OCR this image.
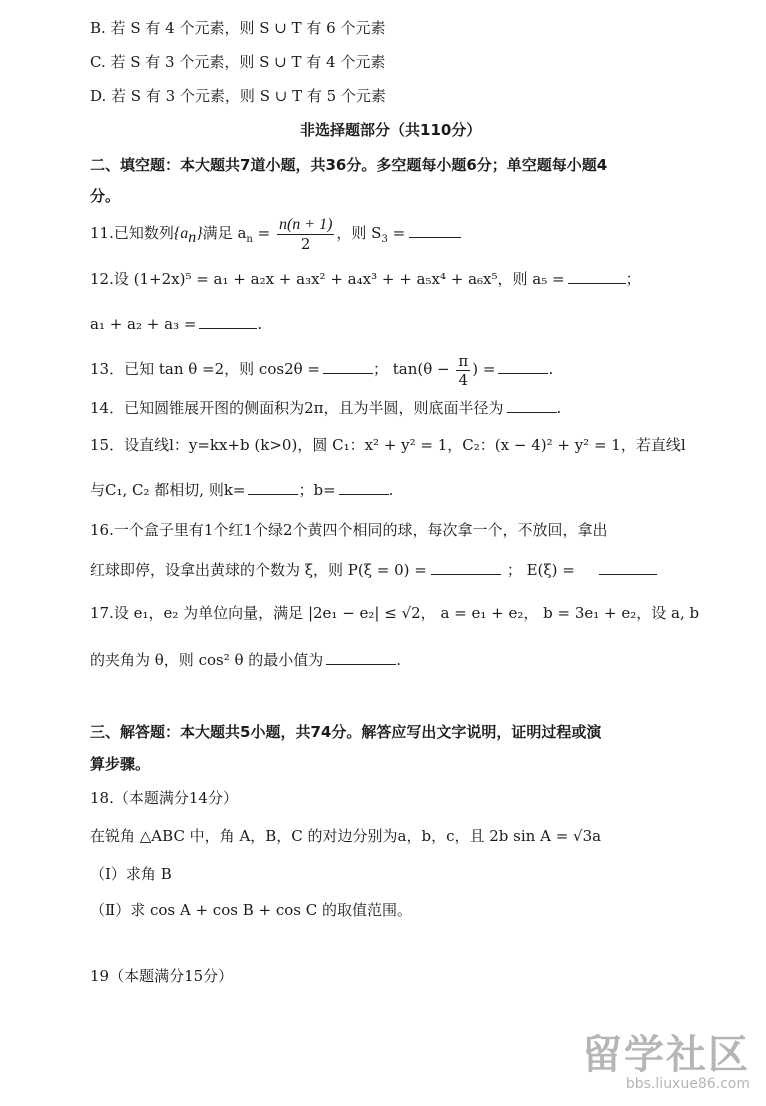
B. 若 S 有 4 个元素，则 S ∪ T 有 6 个元素
C. 若 S 有 3 个元素，则 S ∪ T 有 4 个元素
D. 若 S 有 3 个元素，则 S ∪ T 有 5 个元素
非选择题部分（共110分）
二、填空题：本大题共7道小题，共36分。多空题每小题6分；单空题每小题4
分。
11.已知数列$\{a_n\}$满足 $a_n = \frac{n(n + 1)}{2}$ ，则 $S_3$ =
12.设 (1+2x)⁵ = a₁ + a₂x + a₃x² + a₄x³ + + a₅x⁴ + a₆x⁵，则 a₅ =	；
a₁ + a₂ + a₃ =	.
13．已知 tan θ =2，则 cos2θ =	； $\tan(\theta - \frac{\pi}{4}$ ) =	.
14．已知圆锥展开图的侧面积为2π，且为半圆，则底面半径为	.
15．设直线l：y=kx+b (k>0)，圆 C₁：x² + y² = 1，C₂：(x − 4)² + y² = 1，若直线l
与C₁, C₂ 都相切, 则k=	；b=	.
16.一个盒子里有1个红1个绿2个黄四个相同的球，每次拿一个，不放回，拿出
红球即停，设拿出黄球的个数为 ξ，则 P(ξ = 0) =	； E(ξ) =
17.设 e₁，e₂ 为单位向量，满足 |2e₁ − e₂| ≤ √2， a = e₁ + e₂， b = 3e₁ + e₂，设 a, b
的夹角为 θ，则 cos² θ 的最小值为	.
三、解答题：本大题共5小题，共74分。解答应写出文字说明，证明过程或演
算步骤。
18.（本题满分14分）
在锐角 △ABC 中，角 A，B，C 的对边分别为a，b，c，且 2b sin A = √3a
（Ⅰ）求角 B
（Ⅱ）求 cos A + cos B + cos C 的取值范围。
19（本题满分15分）
留学社区
bbs.liuxue86.com
